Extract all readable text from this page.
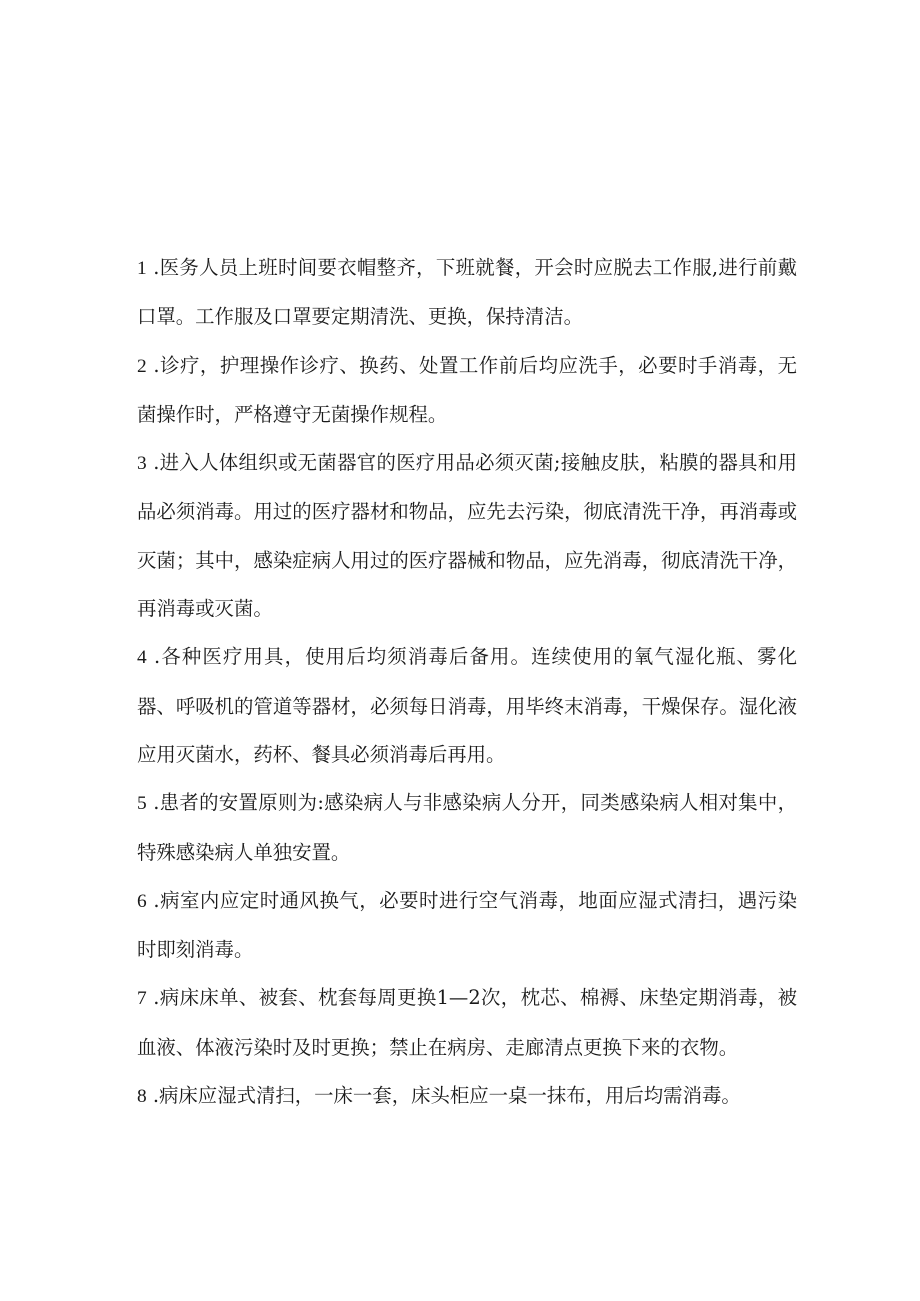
1 .医务人员上班时间要衣帽整齐，下班就餐，开会时应脱去工作服,进行前戴口罩。工作服及口罩要定期清洗、更换，保持清洁。

2 .诊疗，护理操作诊疗、换药、处置工作前后均应洗手，必要时手消毒，无菌操作时，严格遵守无菌操作规程。

3 .进入人体组织或无菌器官的医疗用品必须灭菌;接触皮肤，粘膜的器具和用品必须消毒。用过的医疗器材和物品，应先去污染，彻底清洗干净，再消毒或灭菌；其中，感染症病人用过的医疗器械和物品，应先消毒，彻底清洗干净，再消毒或灭菌。

4 .各种医疗用具，使用后均须消毒后备用。连续使用的氧气湿化瓶、雾化器、呼吸机的管道等器材，必须每日消毒，用毕终末消毒，干燥保存。湿化液应用灭菌水，药杯、餐具必须消毒后再用。

5 .患者的安置原则为:感染病人与非感染病人分开，同类感染病人相对集中，特殊感染病人单独安置。

6 .病室内应定时通风换气，必要时进行空气消毒，地面应湿式清扫，遇污染时即刻消毒。

7 .病床床单、被套、枕套每周更换1—2次，枕芯、棉褥、床垫定期消毒，被血液、体液污染时及时更换；禁止在病房、走廊清点更换下来的衣物。

8 .病床应湿式清扫，一床一套，床头柜应一桌一抹布，用后均需消毒。
